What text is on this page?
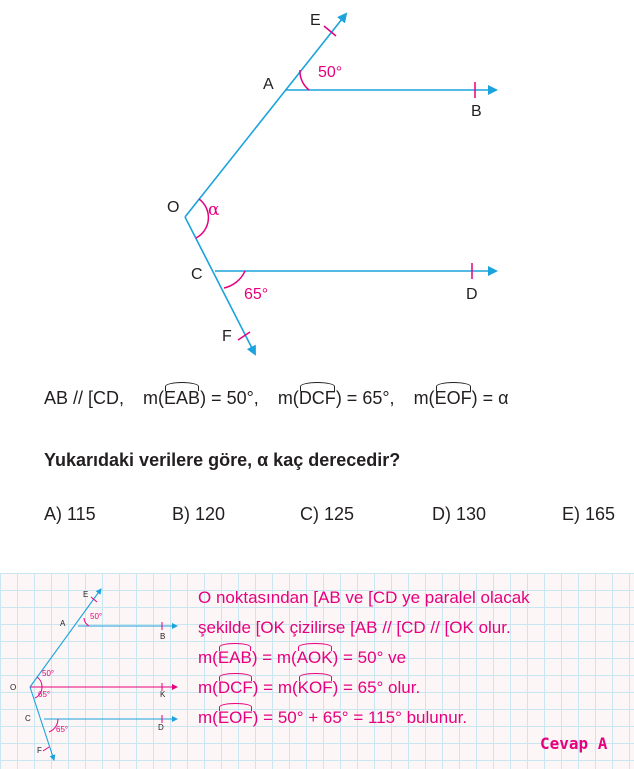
E
A
B
O
C
D
F
50°
α
65°
AB // [CD, m(EAB) = 50°, m(DCF) = 65°, m(EOF) = α
Yukarıdaki verilere göre, α kaç derecedir?
A) 115	B) 120	C) 125	D) 130	E) 165
E
A
B
O
K
C
D
F
50°
50°
65°
65°
O noktasından [AB ve [CD ye paralel olacak
şekilde [OK çizilirse [AB // [CD // [OK olur.
m(EAB) = m(AOK) = 50° ve
m(DCF) = m(KOF) = 65° olur.
m(EOF) = 50° + 65° = 115° bulunur.
Cevap A
